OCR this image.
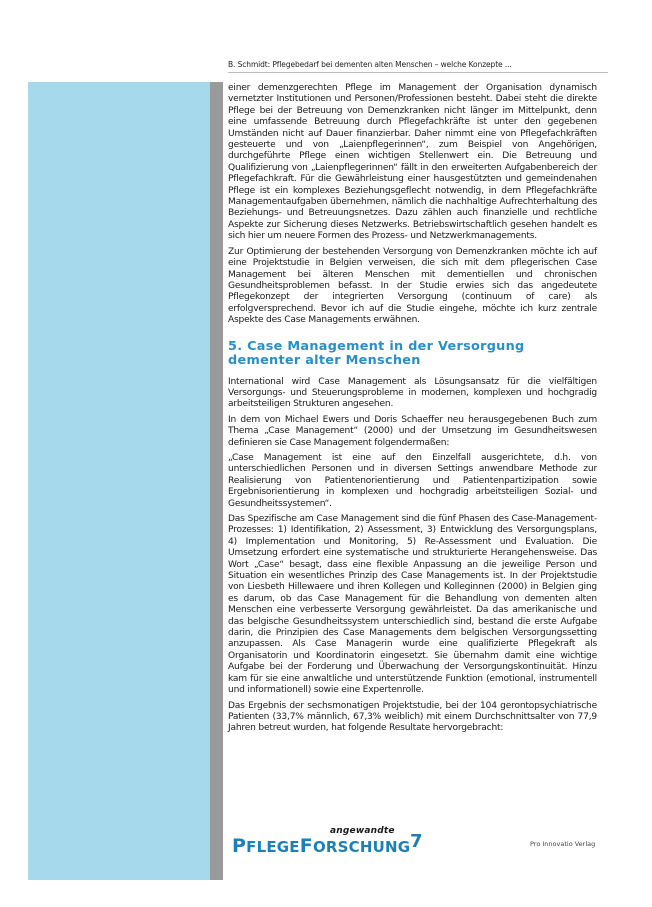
B. Schmidt: Pflegebedarf bei dementen alten Menschen – welche Konzepte ...

einer demenzgerechten Pflege im Management der Organisation dynamisch vernetzter Institutionen und Personen/Professionen besteht. Dabei steht die direkte Pflege bei der Betreuung von Demenzkranken nicht länger im Mittelpunkt, denn eine umfassende Betreuung durch Pflegefachkräfte ist unter den gegebenen Umständen nicht auf Dauer finanzierbar. Daher nimmt eine von Pflegefachkräften gesteuerte und von „Laienpflegerinnen“, zum Beispiel von Angehörigen, durchgeführte Pflege einen wichtigen Stellenwert ein. Die Betreuung und Qualifizierung von „Laienpflegerinnen“ fällt in den erweiterten Aufgabenbereich der Pflegefachkraft. Für die Gewährleistung einer hausgestützten und gemeindenahen Pflege ist ein komplexes Beziehungsgeflecht notwendig, in dem Pflegefachkräfte Managementaufgaben übernehmen, nämlich die nachhaltige Aufrechterhaltung des Beziehungs- und Betreuungsnetzes. Dazu zählen auch finanzielle und rechtliche Aspekte zur Sicherung dieses Netzwerks. Betriebswirtschaftlich gesehen handelt es sich hier um neuere Formen des Prozess- und Netzwerkmanagements.

Zur Optimierung der bestehenden Versorgung von Demenzkranken möchte ich auf eine Projektstudie in Belgien verweisen, die sich mit dem pflegerischen Case Management bei älteren Menschen mit dementiellen und chronischen Gesundheitsproblemen befasst. In der Studie erwies sich das angedeutete Pflegekonzept der integrierten Versorgung (continuum of care) als erfolgversprechend. Bevor ich auf die Studie eingehe, möchte ich kurz zentrale Aspekte des Case Managements erwähnen.

5. Case Management in der Versorgung dementer alter Menschen

International wird Case Management als Lösungsansatz für die vielfältigen Versorgungs- und Steuerungsprobleme in modernen, komplexen und hochgradig arbeitsteiligen Strukturen angesehen.

In dem von Michael Ewers und Doris Schaeffer neu herausgegebenen Buch zum Thema „Case Management“ (2000) und der Umsetzung im Gesundheitswesen definieren sie Case Management folgendermaßen:

„Case Management ist eine auf den Einzelfall ausgerichtete, d.h. von unterschiedlichen Personen und in diversen Settings anwendbare Methode zur Realisierung von Patientenorientierung und Patientenpartizipation sowie Ergebnisorientierung in komplexen und hochgradig arbeitsteiligen Sozial- und Gesundheitssystemen“.

Das Spezifische am Case Management sind die fünf Phasen des Case-Management-Prozesses: 1) Identifikation, 2) Assessment, 3) Entwicklung des Versorgungsplans, 4) Implementation und Monitoring, 5) Re-Assessment und Evaluation. Die Umsetzung erfordert eine systematische und strukturierte Herangehensweise. Das Wort „Case“ besagt, dass eine flexible Anpassung an die jeweilige Person und Situation ein wesentliches Prinzip des Case Managements ist. In der Projektstudie von Liesbeth Hillewaere und ihren Kollegen und Kolleginnen (2000) in Belgien ging es darum, ob das Case Management für die Behandlung von dementen alten Menschen eine verbesserte Versorgung gewährleistet. Da das amerikanische und das belgische Gesundheitssystem unterschiedlich sind, bestand die erste Aufgabe darin, die Prinzipien des Case Managements dem belgischen Versorgungssetting anzupassen. Als Case Managerin wurde eine qualifizierte Pflegekraft als Organisatorin und Koordinatorin eingesetzt. Sie übernahm damit eine wichtige Aufgabe bei der Forderung und Überwachung der Versorgungskontinuität. Hinzu kam für sie eine anwaltliche und unterstützende Funktion (emotional, instrumentell und informationell) sowie eine Expertenrolle.

Das Ergebnis der sechsmonatigen Projektstudie, bei der 104 gerontopsychiatrische Patienten (33,7% männlich, 67,3% weiblich) mit einem Durchschnittsalter von 77,9 Jahren betreut wurden, hat folgende Resultate hervorgebracht:

angewandte
PFLEGEFORSCHUNG 7	Pro Innovatio Verlag
